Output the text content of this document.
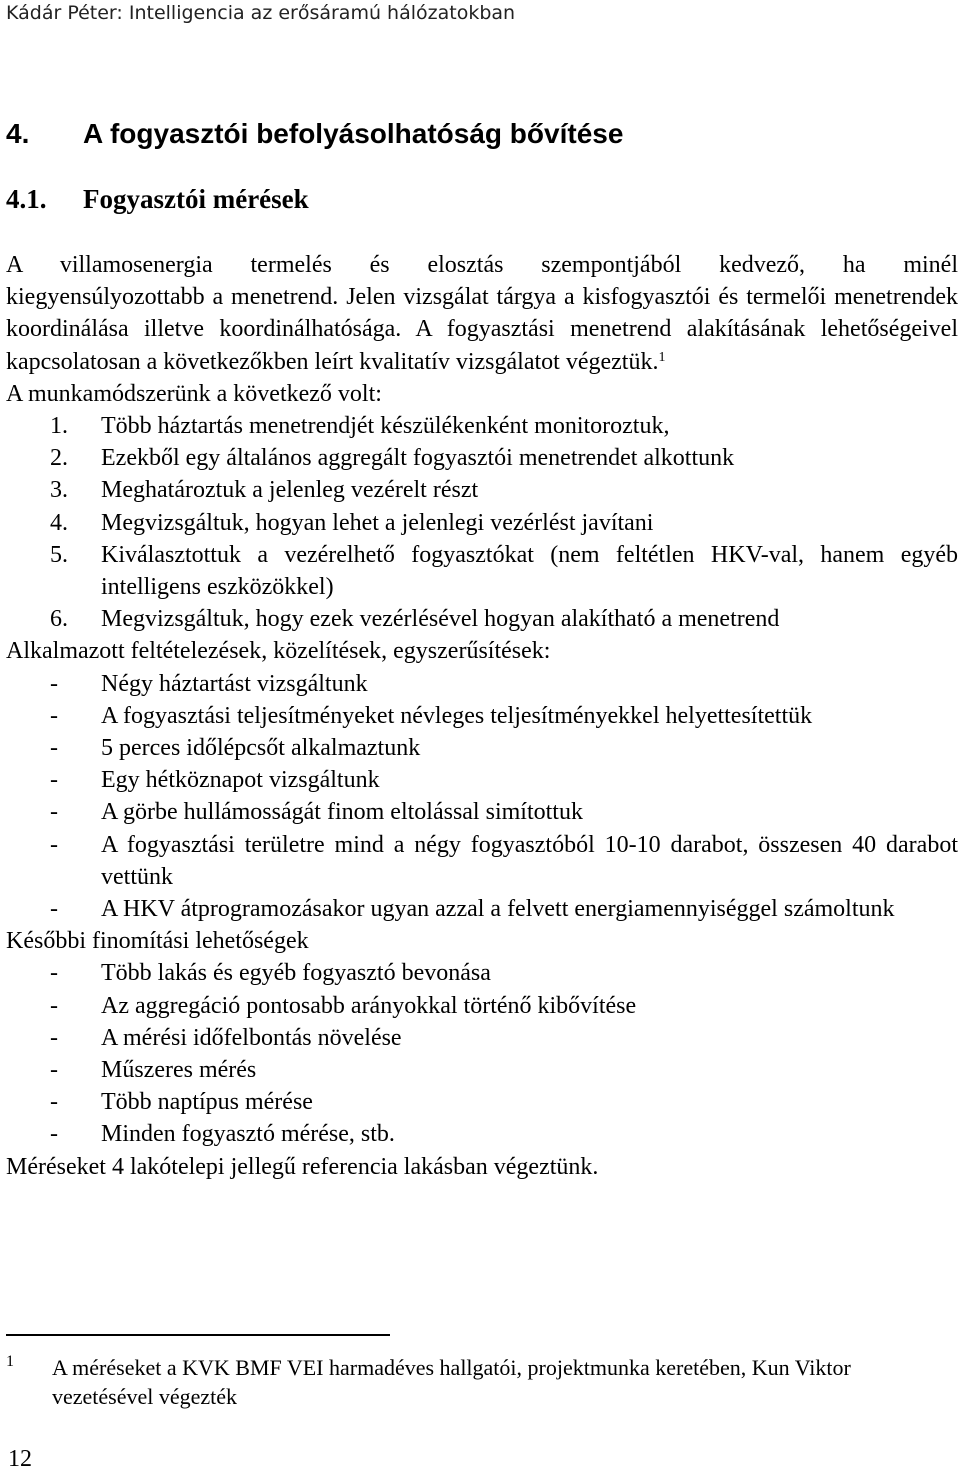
Kádár Péter: Intelligencia az erősáramú hálózatokban
4. A fogyasztói befolyásolhatóság bővítése
4.1. Fogyasztói mérések

A villamosenergia termelés és elosztás szempontjából kedvező, ha minél

kiegyensúlyozottabb a menetrend. Jelen vizsgálat tárgya a kisfogyasztói és termelői menetrendek koordinálása illetve koordinálhatósága. A fogyasztási menetrend alakításának lehetőségeivel kapcsolatosan a következőkben leírt kvalitatív vizsgálatot végeztük.$^1$

A munkamódszerünk a következő volt:

1. Több háztartás menetrendjét készülékenként monitoroztuk,
2. Ezekből egy általános aggregált fogyasztói menetrendet alkottunk
3. Meghatároztuk a jelenleg vezérelt részt
4. Megvizsgáltuk, hogyan lehet a jelenlegi vezérlést javítani
5. Kiválasztottuk a vezérelhető fogyasztókat (nem feltétlen HKV-val, hanem egyéb intelligens eszközökkel)
6. Megvizsgáltuk, hogy ezek vezérlésével hogyan alakítható a menetrend

Alkalmazott feltételezések, közelítések, egyszerűsítések:

- Négy háztartást vizsgáltunk
- A fogyasztási teljesítményeket névleges teljesítményekkel helyettesítettük
- 5 perces időlépcsőt alkalmaztunk
- Egy hétköznapot vizsgáltunk
- A görbe hullámosságát finom eltolással simítottuk
- A fogyasztási területre mind a négy fogyasztóból 10-10 darabot, összesen 40 darabot vettünk
- A HKV átprogramozásakor ugyan azzal a felvett energiamennyiséggel számoltunk

Későbbi finomítási lehetőségek

- Több lakás és egyéb fogyasztó bevonása
- Az aggregáció pontosabb arányokkal történő kibővítése
- A mérési időfelbontás növelése
- Műszeres mérés
- Több naptípus mérése
- Minden fogyasztó mérése, stb.

Méréseket 4 lakótelepi jellegű referencia lakásban végeztünk.

1	A méréseket a KVK BMF VEI harmadéves hallgatói, projektmunka keretében, Kun Viktor vezetésével végezték
12
